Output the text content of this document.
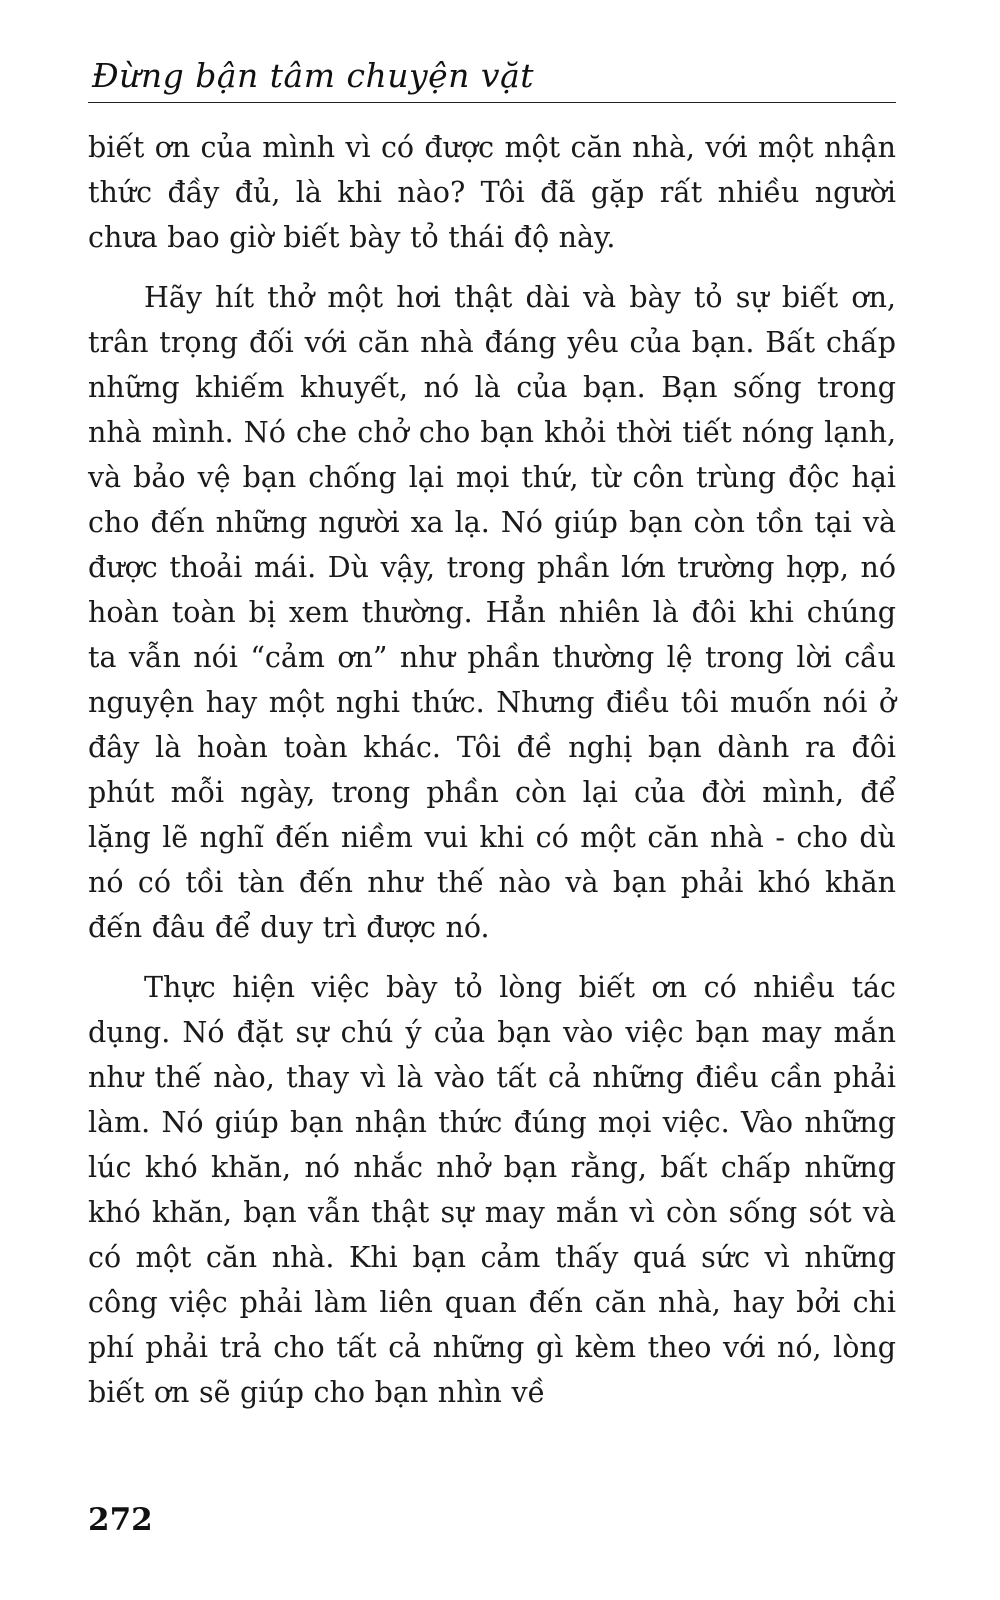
Đừng bận tâm chuyện vặt

biết ơn của mình vì có được một căn nhà, với một nhận thức đầy đủ, là khi nào? Tôi đã gặp rất nhiều người chưa bao giờ biết bày tỏ thái độ này.

Hãy hít thở một hơi thật dài và bày tỏ sự biết ơn, trân trọng đối với căn nhà đáng yêu của bạn. Bất chấp những khiếm khuyết, nó là của bạn. Bạn sống trong nhà mình. Nó che chở cho bạn khỏi thời tiết nóng lạnh, và bảo vệ bạn chống lại mọi thứ, từ côn trùng độc hại cho đến những người xa lạ. Nó giúp bạn còn tồn tại và được thoải mái. Dù vậy, trong phần lớn trường hợp, nó hoàn toàn bị xem thường. Hẳn nhiên là đôi khi chúng ta vẫn nói “cảm ơn” như phần thường lệ trong lời cầu nguyện hay một nghi thức. Nhưng điều tôi muốn nói ở đây là hoàn toàn khác. Tôi đề nghị bạn dành ra đôi phút mỗi ngày, trong phần còn lại của đời mình, để lặng lẽ nghĩ đến niềm vui khi có một căn nhà - cho dù nó có tồi tàn đến như thế nào và bạn phải khó khăn đến đâu để duy trì được nó.

Thực hiện việc bày tỏ lòng biết ơn có nhiều tác dụng. Nó đặt sự chú ý của bạn vào việc bạn may mắn như thế nào, thay vì là vào tất cả những điều cần phải làm. Nó giúp bạn nhận thức đúng mọi việc. Vào những lúc khó khăn, nó nhắc nhở bạn rằng, bất chấp những khó khăn, bạn vẫn thật sự may mắn vì còn sống sót và có một căn nhà. Khi bạn cảm thấy quá sức vì những công việc phải làm liên quan đến căn nhà, hay bởi chi phí phải trả cho tất cả những gì kèm theo với nó, lòng biết ơn sẽ giúp cho bạn nhìn về

272
